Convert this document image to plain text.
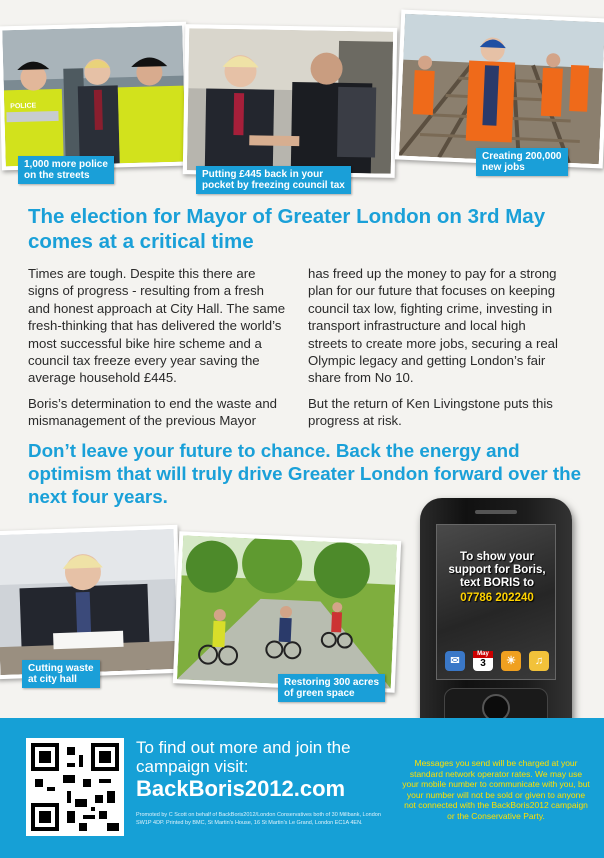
POLICE
1,000 more police
on the streets	Putting £445 back in your
pocket by freezing council tax
Creating 200,000
new jobs
The election for Mayor of Greater London on 3rd May comes at a critical time

Times are tough. Despite this there are signs of progress - resulting from a fresh and honest approach at City Hall. The same fresh-thinking that has delivered the world’s most successful bike hire scheme and a council tax freeze every year saving the average household £445.

Boris’s determination to end the waste and mismanagement of the previous Mayor

has freed up the money to pay for a strong plan for our future that focuses on keeping council tax low, fighting crime, investing in transport infrastructure and local high streets to create more jobs, securing a real Olympic legacy and getting London’s fair share from No 10.

But the return of Ken Livingstone puts this progress at risk.

Don’t leave your future to chance. Back the energy and optimism that will truly drive Greater London forward over the next four years.
Cutting waste
at city hall	Restoring 300 acres
of green space
To show your support for Boris, text BORIS to
07786 202240
✉
May
3	☀	♫
To find out more and join the campaign visit:
BackBoris2012.com
Promoted by C Scott on behalf of BackBoris2012/London Conservatives both of 30 Millbank, London SW1P 4DP. Printed by BMC, St Martin's House, 16 St Martin's Le Grand, London EC1A 4EN.
Messages you send will be charged at your standard network operator rates. We may use your mobile number to communicate with you, but your number will not be sold or given to anyone not connected with the BackBoris2012 campaign or the Conservative Party.
